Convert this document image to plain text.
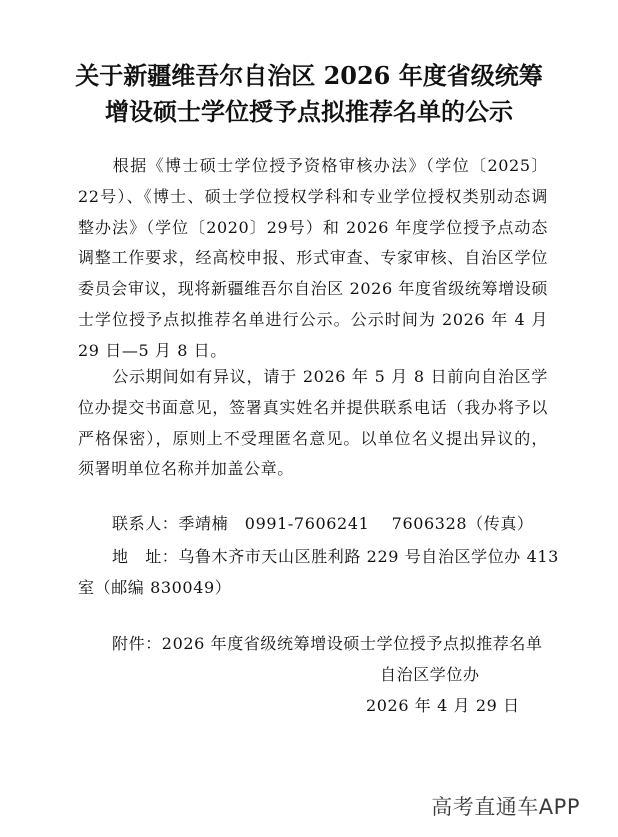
关于新疆维吾尔自治区 2026 年度省级统筹
增设硕士学位授予点拟推荐名单的公示

根据《博士硕士学位授予资格审核办法》（学位〔2025〕22号）、《博士、硕士学位授权学科和专业学位授权类别动态调整办法》（学位〔2020〕29号）和 2026 年度学位授予点动态调整工作要求，经高校申报、形式审查、专家审核、自治区学位委员会审议，现将新疆维吾尔自治区 2026 年度省级统筹增设硕士学位授予点拟推荐名单进行公示。公示时间为 2026 年 4 月 29 日—5 月 8 日。

公示期间如有异议，请于 2026 年 5 月 8 日前向自治区学位办提交书面意见，签署真实姓名并提供联系电话（我办将予以严格保密），原则上不受理匿名意见。以单位名义提出异议的，须署明单位名称并加盖公章。

联系人：季靖楠　0991-7606241　 7606328（传真）

地　址：乌鲁木齐市天山区胜利路 229 号自治区学位办 413

室（邮编 830049）

附件：2026 年度省级统筹增设硕士学位授予点拟推荐名单

自治区学位办

2026 年 4 月 29 日

高考直通车APP
